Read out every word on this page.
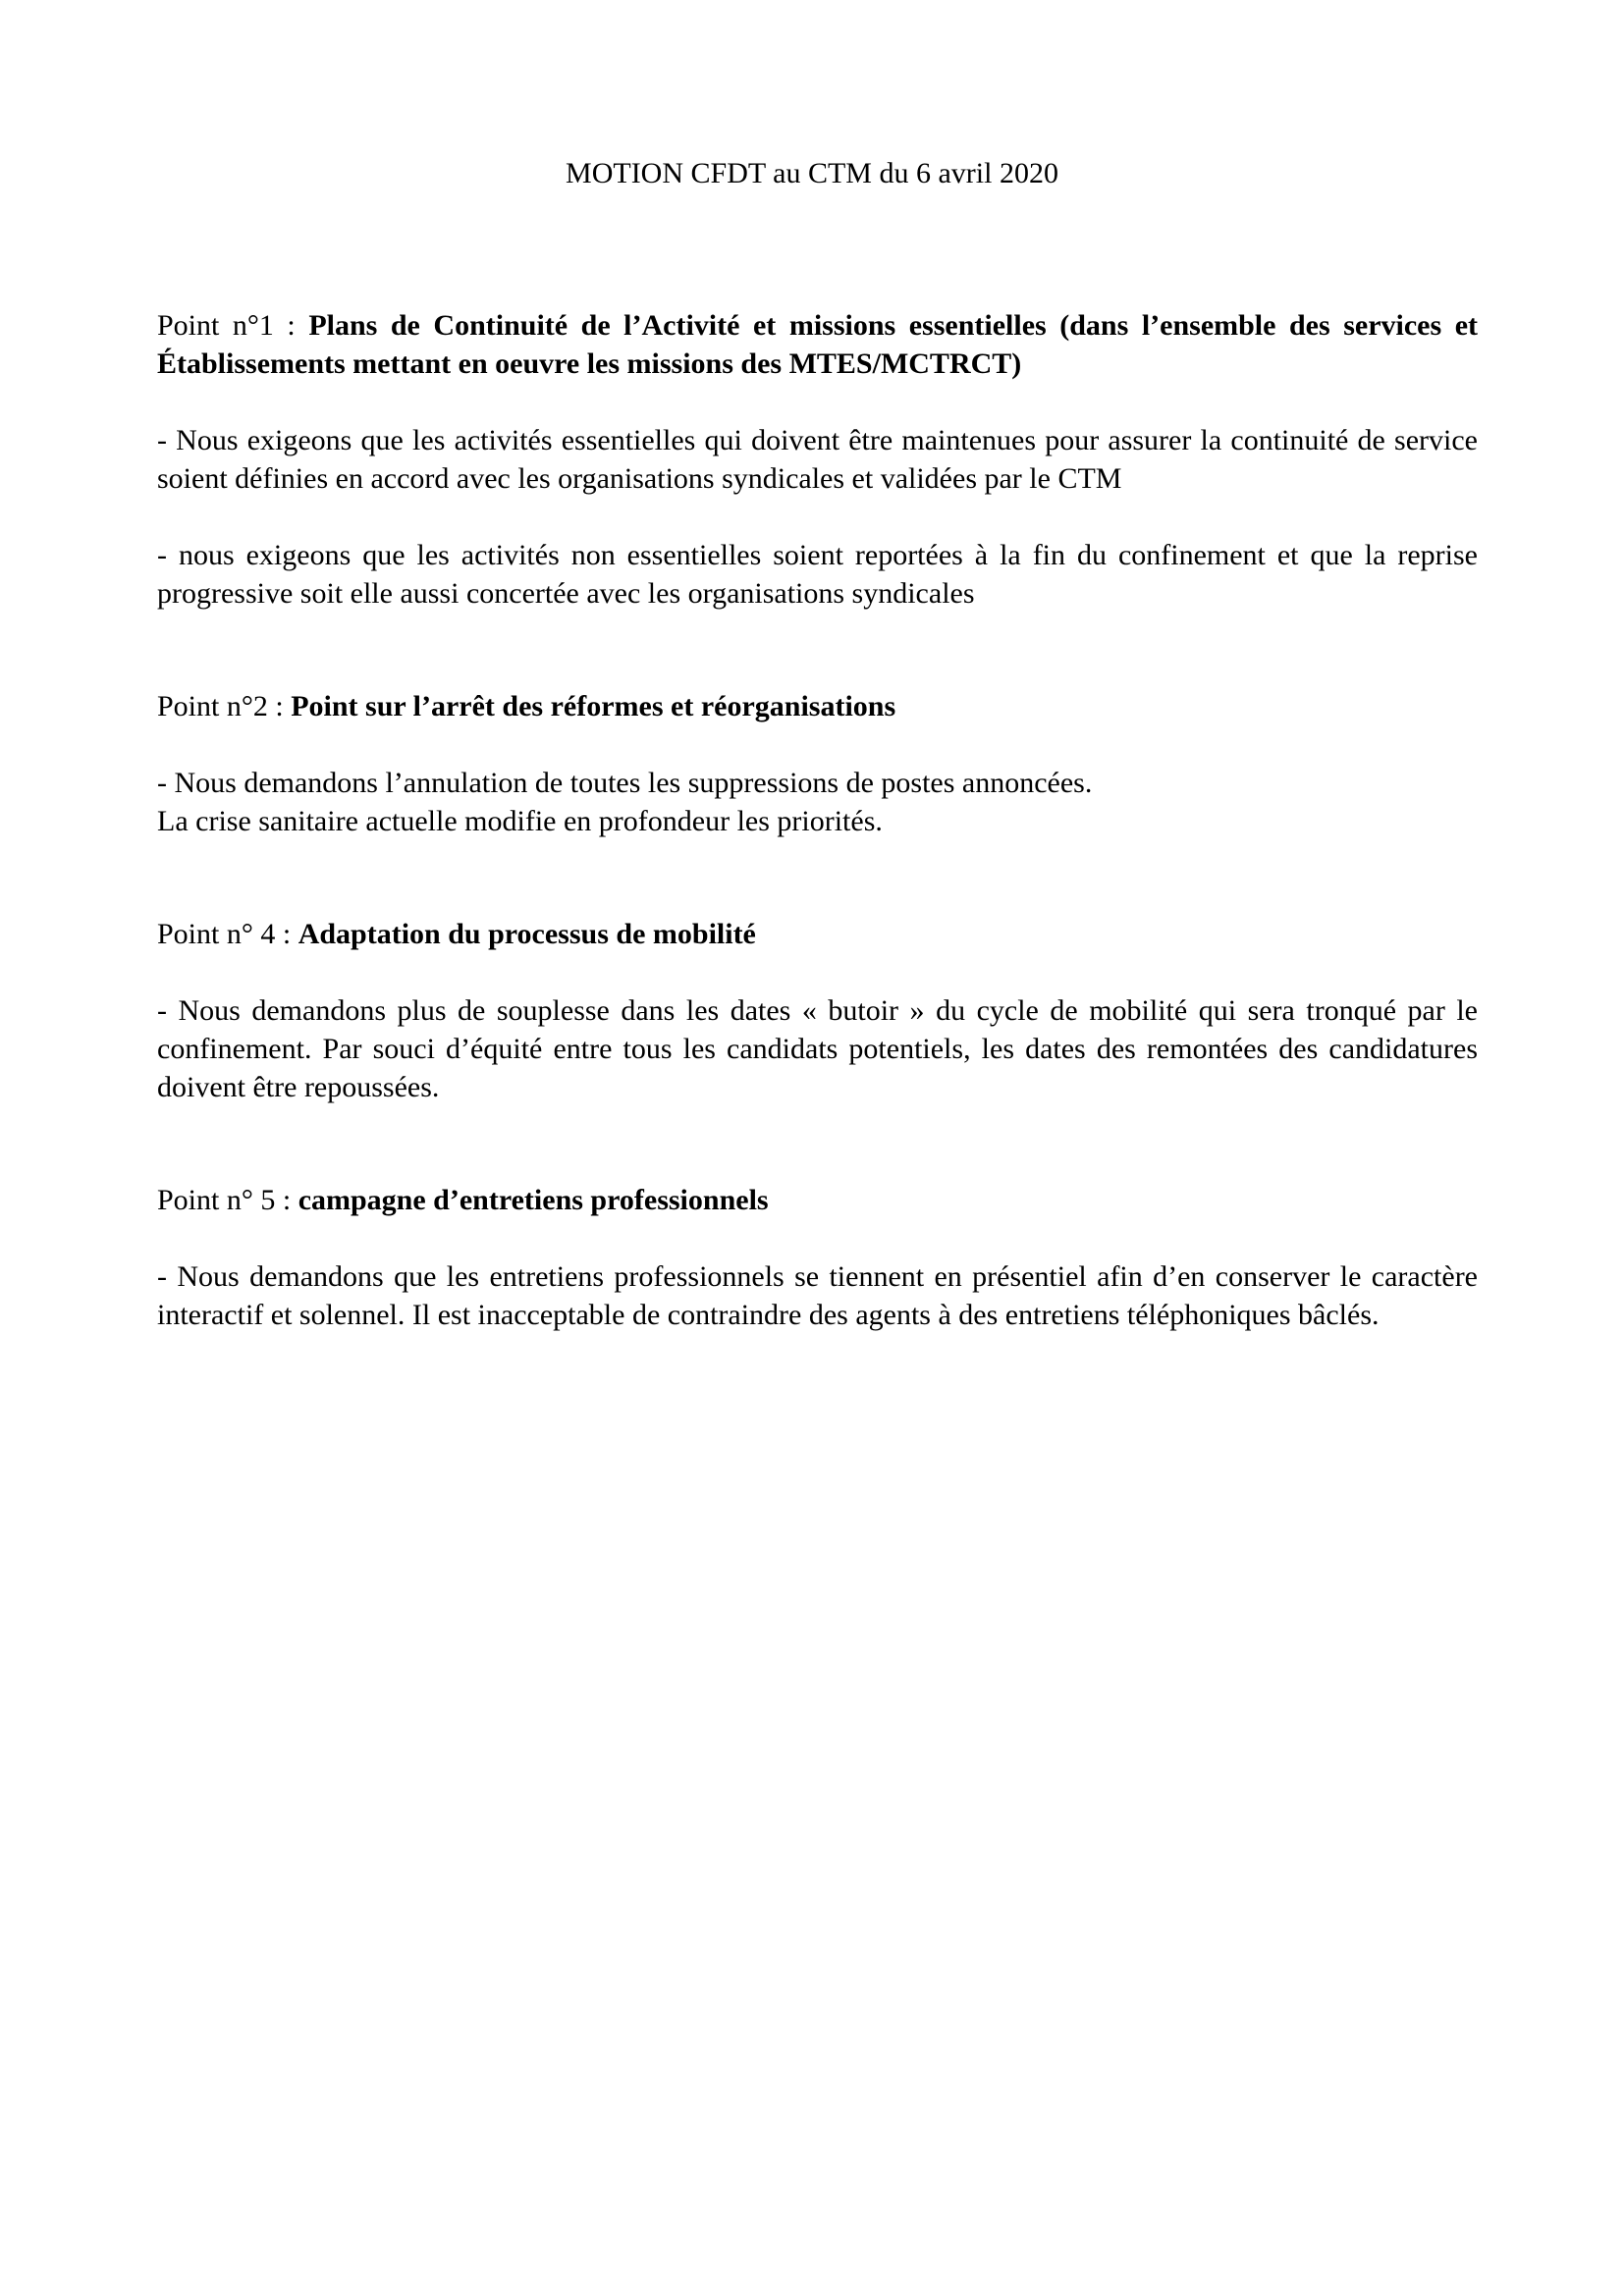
MOTION CFDT au CTM du 6 avril 2020

Point n°1 : Plans de Continuité de l’Activité et missions essentielles (dans l’ensemble des services et Établissements mettant en oeuvre les missions des MTES/MCTRCT)

- Nous exigeons que les activités essentielles qui doivent être maintenues pour assurer la continuité de service soient définies en accord avec les organisations syndicales et validées par le CTM

- nous exigeons que les activités non essentielles soient reportées à la fin du confinement et que la reprise progressive soit elle aussi concertée avec les organisations syndicales

Point n°2 : Point sur l’arrêt des réformes et réorganisations

- Nous demandons l’annulation de toutes les suppressions de postes annoncées.

La crise sanitaire actuelle modifie en profondeur les priorités.

Point n° 4 : Adaptation du processus de mobilité

- Nous demandons plus de souplesse dans les dates « butoir » du cycle de mobilité qui sera tronqué par le confinement. Par souci d’équité entre tous les candidats potentiels, les dates des remontées des candidatures doivent être repoussées.

Point n° 5 : campagne d’entretiens professionnels

- Nous demandons que les entretiens professionnels se tiennent en présentiel afin d’en conserver le caractère interactif et solennel. Il est inacceptable de contraindre des agents à des entretiens téléphoniques bâclés.
